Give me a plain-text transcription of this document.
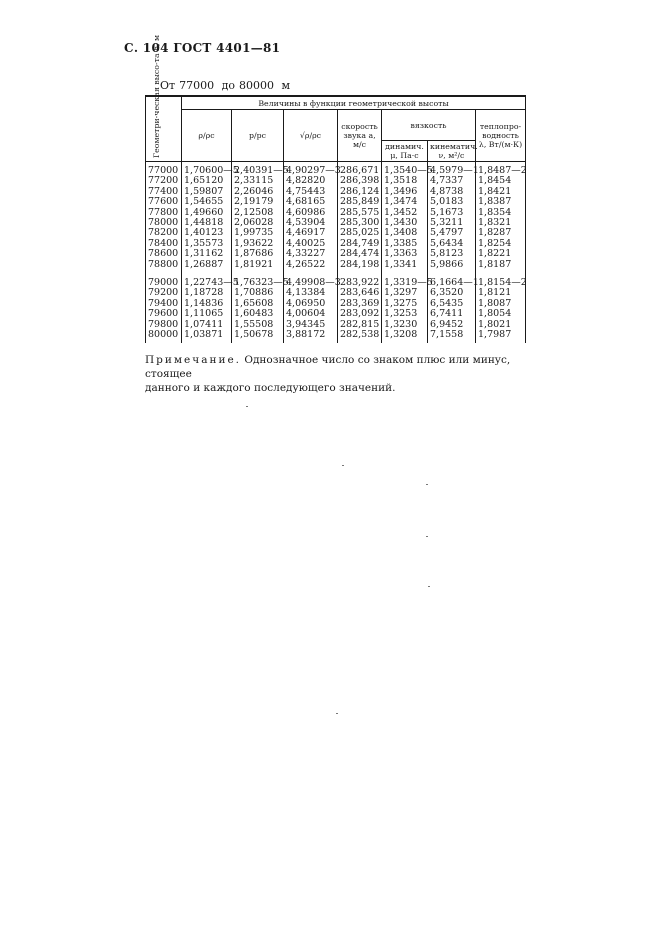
С. 104 ГОСТ 4401—81
От 77000 до 80000 м
Геометри-ческая высо-та h, м	Величины в функции геометрической высоты						
	ρ/ρс	p/pс	√ρ/ρс	скорость звука a, м/с	вязкость		теплопро-водность λ, Вт/(м·К)
					динамич. μ, Па·с	кинематич. ν, м²/с	
77000	1,70600—5	2,40391—5	4,90297—3	286,671	1,3540—5	4,5979—1	1,8487—2
77200	1,65120	2,33115	4,82820	286,398	1,3518	4,7337	1,8454
77400	1,59807	2,26046	4,75443	286,124	1,3496	4,8738	1,8421
77600	1,54655	2,19179	4,68165	285,849	1,3474	5,0183	1,8387
77800	1,49660	2,12508	4,60986	285,575	1,3452	5,1673	1,8354
78000	1,44818	2,06028	4,53904	285,300	1,3430	5,3211	1,8321
78200	1,40123	1,99735	4,46917	285,025	1,3408	5,4797	1,8287
78400	1,35573	1,93622	4,40025	284,749	1,3385	5,6434	1,8254
78600	1,31162	1,87686	4,33227	284,474	1,3363	5,8123	1,8221
78800	1,26887	1,81921	4,26522	284,198	1,3341	5,9866	1,8187

79000	1,22743—5	1,76323—5	4,49908—3	283,922	1,3319—5	6,1664—1	1,8154—2
79200	1,18728	1,70886	4,13384	283,646	1,3297	6,3520	1,8121
79400	1,14836	1,65608	4,06950	283,369	1,3275	6,5435	1,8087
79600	1,11065	1,60483	4,00604	283,092	1,3253	6,7411	1,8054
79800	1,07411	1,55508	3,94345	282,815	1,3230	6,9452	1,8021
80000	1,03871	1,50678	3,88172	282,538	1,3208	7,1558	1,7987
Примечание. Однозначное число со знаком плюс или минус, стоящее
данного и каждого последующего значений.
